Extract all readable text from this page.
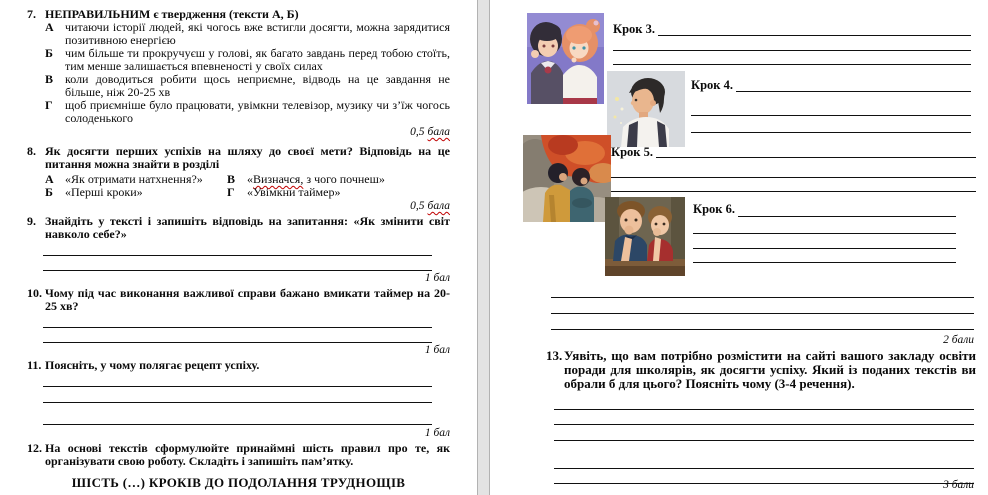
7. НЕПРАВИЛЬНИМ є твердження (тексти А, Б)
А читаючи історії людей, які чогось вже встигли досягти, можна зарядитися позитивною енергією
Б	чим більше ти прокручуєш у голові, як багато завдань перед тобою стоїть, тим менше залишається впевненості у своїх силах
В коли доводиться робити щось неприємне, відводь на це завдання не більше, ніж 20-25 хв
Г	щоб приємніше було працювати, увімкни телевізор, музику чи з’їж чогось солоденького
0,5 бала
8. Як досягти перших успіхів на шляху до своєї мети? Відповідь на це питання можна знайти в розділі
А «Як отримати натхнення?» В «Визначся, з чого почнеш»
Б	«Перші кроки»	Г	«Увімкни таймер»
0,5 бала
9. Знайдіть у тексті і запишіть відповідь на запитання: «Як змінити світ навколо себе?»
1 бал
10. Чому під час виконання важливої справи бажано вмикати таймер на 20-25 хв?
1 бал
11. Поясніть, у чому полягає рецепт успіху.
1 бал
12. На основі текстів сформулюйте принаймні шість правил про те, як організувати свою роботу. Складіть і запишіть пам’ятку.
ШІСТЬ (…) КРОКІВ ДО ПОДОЛАННЯ ТРУДНОЩІВ
Крок 3.
Крок 4.
Крок 5.
Крок 6.
2 бали
13. Уявіть, що вам потрібно розмістити на сайті вашого закладу освіти поради для школярів, як досягти успіху. Який із поданих текстів ви обрали б для цього? Поясніть чому (3-4 речення).
3 бали
